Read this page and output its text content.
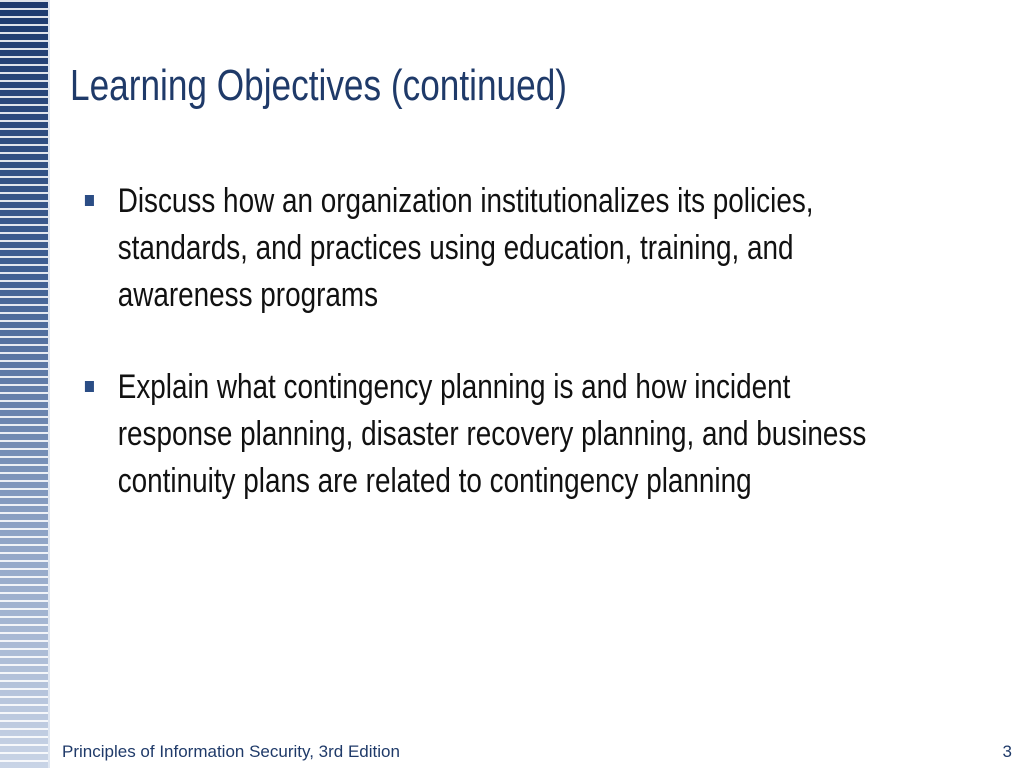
Learning Objectives (continued)
Discuss how an organization institutionalizes its policies, standards, and practices using education, training, and awareness programs
Explain what contingency planning is and how incident response planning, disaster recovery planning, and business continuity plans are related to contingency planning
Principles of Information Security, 3rd Edition	3
